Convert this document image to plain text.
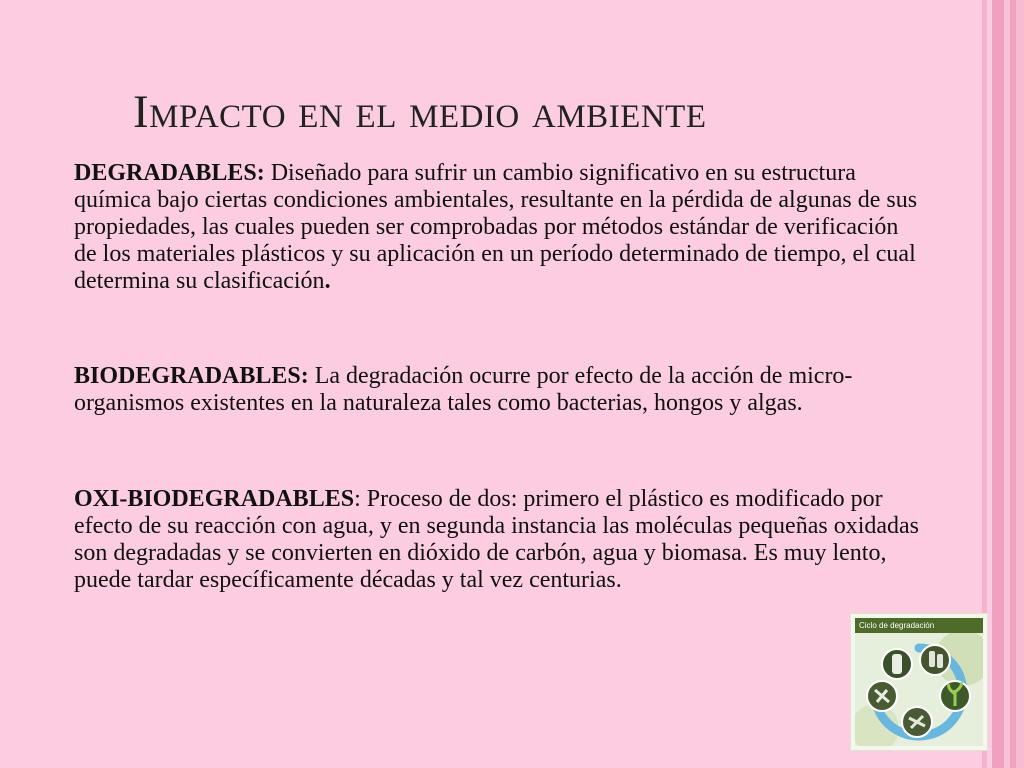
Impacto en el medio ambiente

DEGRADABLES: Diseñado para sufrir un cambio significativo en su estructura química bajo ciertas condiciones ambientales, resultante en la pérdida de algunas de sus propiedades, las cuales pueden ser comprobadas por métodos estándar de verificación de los materiales plásticos y su aplicación en un período determinado de tiempo, el cual determina su clasificación.

BIODEGRADABLES: La degradación ocurre por efecto de la acción de micro-organismos existentes en la naturaleza tales como bacterias, hongos y algas.

OXI-BIODEGRADABLES: Proceso de dos: primero el plástico es modificado por efecto de su reacción con agua, y en segunda instancia las moléculas pequeñas oxidadas son degradadas y se convierten en dióxido de carbón, agua y biomasa. Es muy lento, puede tardar específicamente décadas y tal vez centurias.

Ciclo de degradación
